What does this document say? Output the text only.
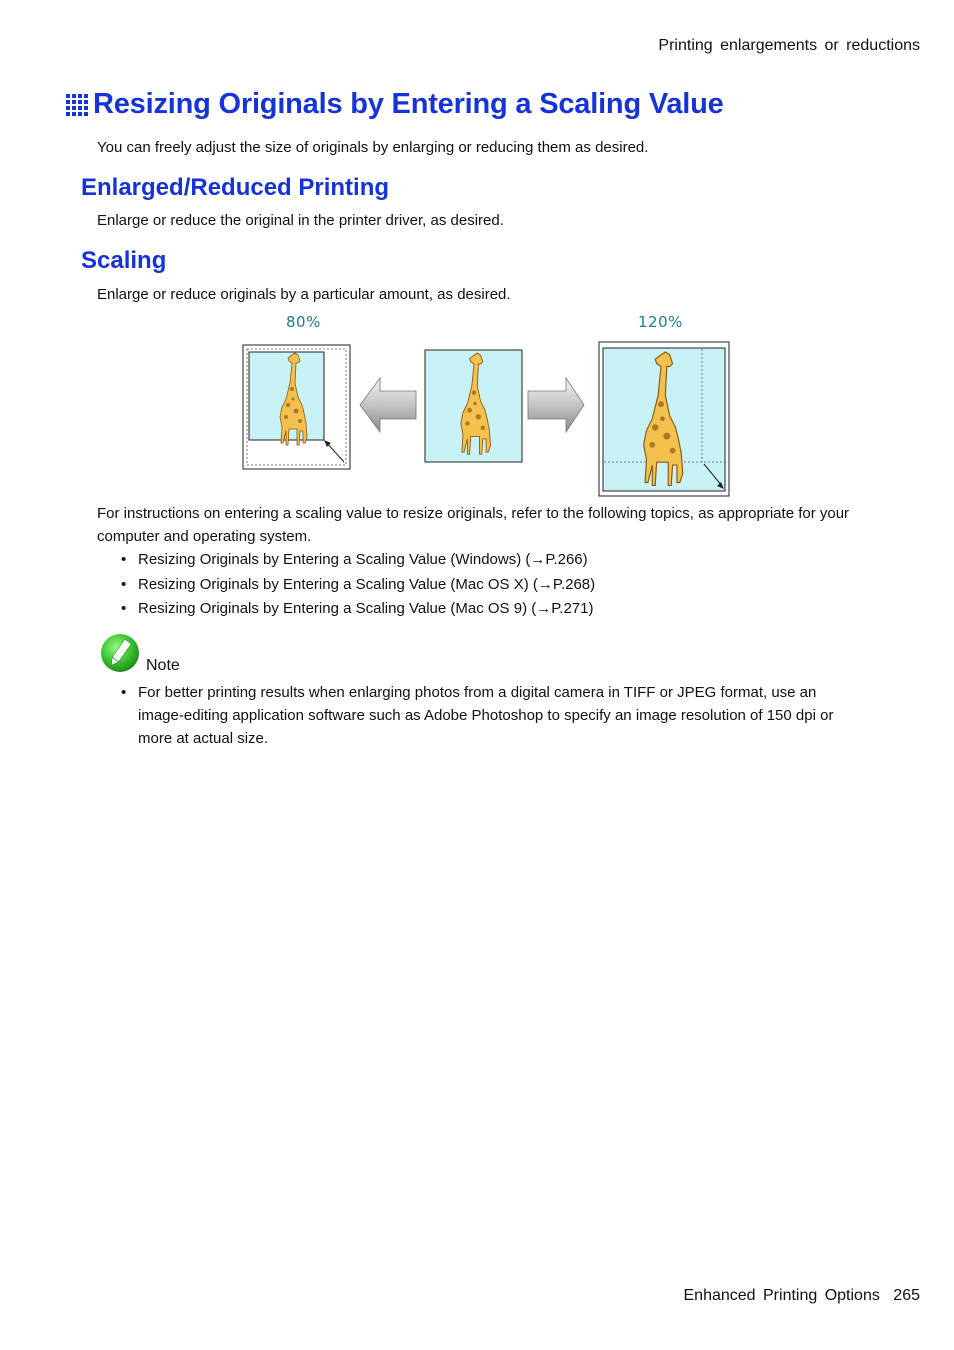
Printing enlargements or reductions
Resizing Originals by Entering a Scaling Value

You can freely adjust the size of originals by enlarging or reducing them as desired.

Enlarged/Reduced Printing

Enlarge or reduce the original in the printer driver, as desired.

Scaling

Enlarge or reduce originals by a particular amount, as desired.

80%	120%

For instructions on entering a scaling value to resize originals, refer to the following topics, as appropriate for your computer and operating system.

• Resizing Originals by Entering a Scaling Value (Windows) (→P.266)
• Resizing Originals by Entering a Scaling Value (Mac OS X) (→P.268)
• Resizing Originals by Entering a Scaling Value (Mac OS 9) (→P.271)
Note
• For better printing results when enlarging photos from a digital camera in TIFF or JPEG format, use an image-editing application software such as Adobe Photoshop to specify an image resolution of 150 dpi or more at actual size.
Enhanced Printing Options 265
